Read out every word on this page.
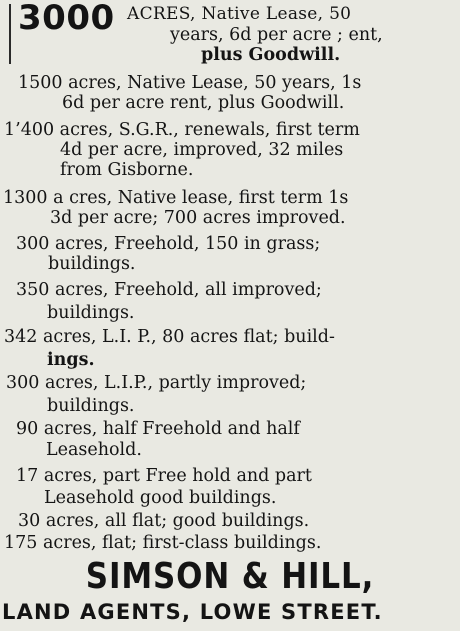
3000 ACRES, Native Lease, 50
years, 6d per acre ; ent,
plus Goodwill.
1500 acres, Native Lease, 50 years, 1s
6d per acre rent, plus Goodwill.
1’400 acres, S.G.R., renewals, first term
4d per acre, improved, 32 miles
from Gisborne.
1300 a cres, Native lease, first term 1s
3d per acre; 700 acres improved.
300 acres, Freehold, 150 in grass;
buildings.
350 acres, Freehold, all improved;
buildings.
342 acres, L.I. P., 80 acres flat; build-
ings.
300 acres, L.I.P., partly improved;
buildings.
90 acres, half Freehold and half
Leasehold.
17 acres, part Free hold and part
Leasehold good buildings.
30 acres, all flat; good buildings.
175 acres, flat; first-class buildings.
SIMSON & HILL,
LAND AGENTS, LOWE STREET.
